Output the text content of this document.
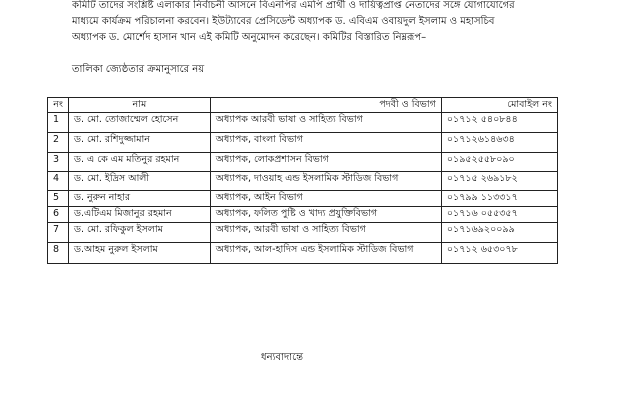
কমিটি তাদের সংশ্লিষ্ট এলাকার নির্বাচনী আসনে বিএনপির এমপি প্রার্থী ও দায়িত্বপ্রাপ্ত নেতাদের সঙ্গে যোগাযোগের

মাধ্যমে কার্যক্রম পরিচালনা করবেন। ইউট্যাবের প্রেসিডেন্ট অধ্যাপক ড. এবিএম ওবায়দুল ইসলাম ও মহাসচিব

অধ্যাপক ড. মোর্শেদ হাসান খান এই কমিটি অনুমোদন করেছেন। কমিটির বিস্তারিত নিম্নরূপ–

তালিকা জ্যেষ্ঠতার ক্রমানুসারে নয়

নং	নাম	পদবী ও বিভাগ	মোবাইল নং
1	ড. মো. তোজাম্মেল হোসেন	অধ্যাপক আরবী ভাষা ও সাহিত্য বিভাগ	০১৭১২ ৫৪০৮৪৪
2	ড. মো. রশিদুজ্জামান	অধ্যাপক, বাংলা বিভাগ	০১৭১২৬১৪৬৩৪
3	ড. এ কে এম মতিনুর রহমান	অধ্যাপক, লোকপ্রশাসন বিভাগ	০১৯৫২৫৫৮০৯০
4	ড. মো. ইদ্রিস আলী	অধ্যাপক, দাওয়াহ এন্ড ইসলামিক স্টাডিজ বিভাগ	০১৭১৫ ২৬৯১৮২
5	ড. নুরুন নাহার	অধ্যাপক, আইন বিভাগ	০১৭৯৯ ১১৩৩১৭
6	ড.এটিএম মিজানুর রহমান	অধ্যাপক, ফলিত পুষ্টি ও খাদ্য প্রযুক্তিবিভাগ	০১৭১৬ ০৫৫৩৫৭
7	ড. মো. রফিকুল ইসলাম	অধ্যাপক, আরবী ভাষা ও সাহিত্য বিভাগ	০১৭১৬৯২০০৯৯
8	ড.আহম নুরুল ইসলাম	অধ্যাপক, আল-হাদিস এন্ড ইসলামিক স্টাডিজ বিভাগ	০১৭১২ ৬৫৩০৭৮

ধন্যবাদান্তে
